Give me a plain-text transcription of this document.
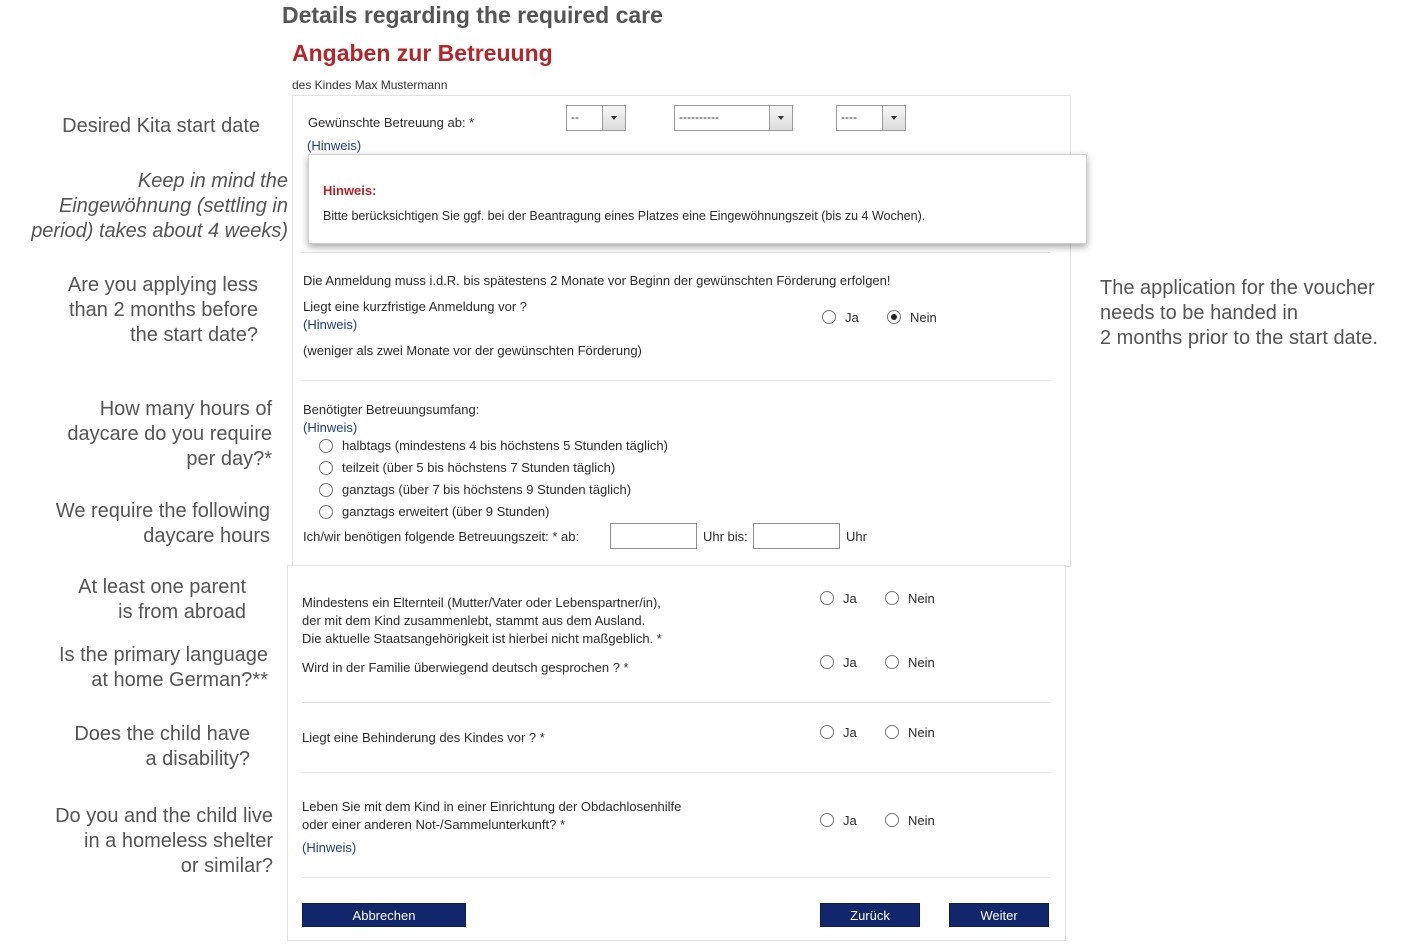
Details regarding the required care
Desired Kita start date
Keep in mind the
Eingewöhnung (settling in
period) takes about 4 weeks)
Are you applying less
than 2 months before
the start date?
How many hours of
daycare do you require
per day?*
We require the following
daycare hours
At least one parent
is from abroad
Is the primary language
at home German?**
Does the child have
a disability?
Do you and the child live
in a homeless shelter
or similar?
The application for the voucher
needs to be handed in
2 months prior to the start date.
Angaben zur Betreuung
des Kindes Max Mustermann
Gewünschte Betreuung ab: *
(Hinweis)
--	----------	----
Die Anmeldung muss i.d.R. bis spätestens 2 Monate vor Beginn der gewünschten Förderung erfolgen!
Liegt eine kurzfristige Anmeldung vor ?
(Hinweis)
(weniger als zwei Monate vor der gewünschten Förderung)
Ja	Nein
Benötigter Betreuungsumfang:
(Hinweis)
halbtags (mindestens 4 bis höchstens 5 Stunden täglich)
teilzeit (über 5 bis höchstens 7 Stunden täglich)
ganztags (über 7 bis höchstens 9 Stunden täglich)
ganztags erweitert (über 9 Stunden)
Ich/wir benötigen folgende Betreuungszeit: * ab:	Uhr bis:	Uhr
Mindestens ein Elternteil (Mutter/Vater oder Lebenspartner/in),
der mit dem Kind zusammenlebt, stammt aus dem Ausland.
Die aktuelle Staatsangehörigkeit ist hierbei nicht maßgeblich. *
Ja	Nein
Wird in der Familie überwiegend deutsch gesprochen ? *	Ja	Nein
Liegt eine Behinderung des Kindes vor ? *	Ja	Nein
Leben Sie mit dem Kind in einer Einrichtung der Obdachlosenhilfe
oder einer anderen Not-/Sammelunterkunft? *
(Hinweis)
Ja	Nein
Abbrechen	Zurück	Weiter
Hinweis:
Bitte berücksichtigen Sie ggf. bei der Beantragung eines Platzes eine Eingewöhnungszeit (bis zu 4 Wochen).
